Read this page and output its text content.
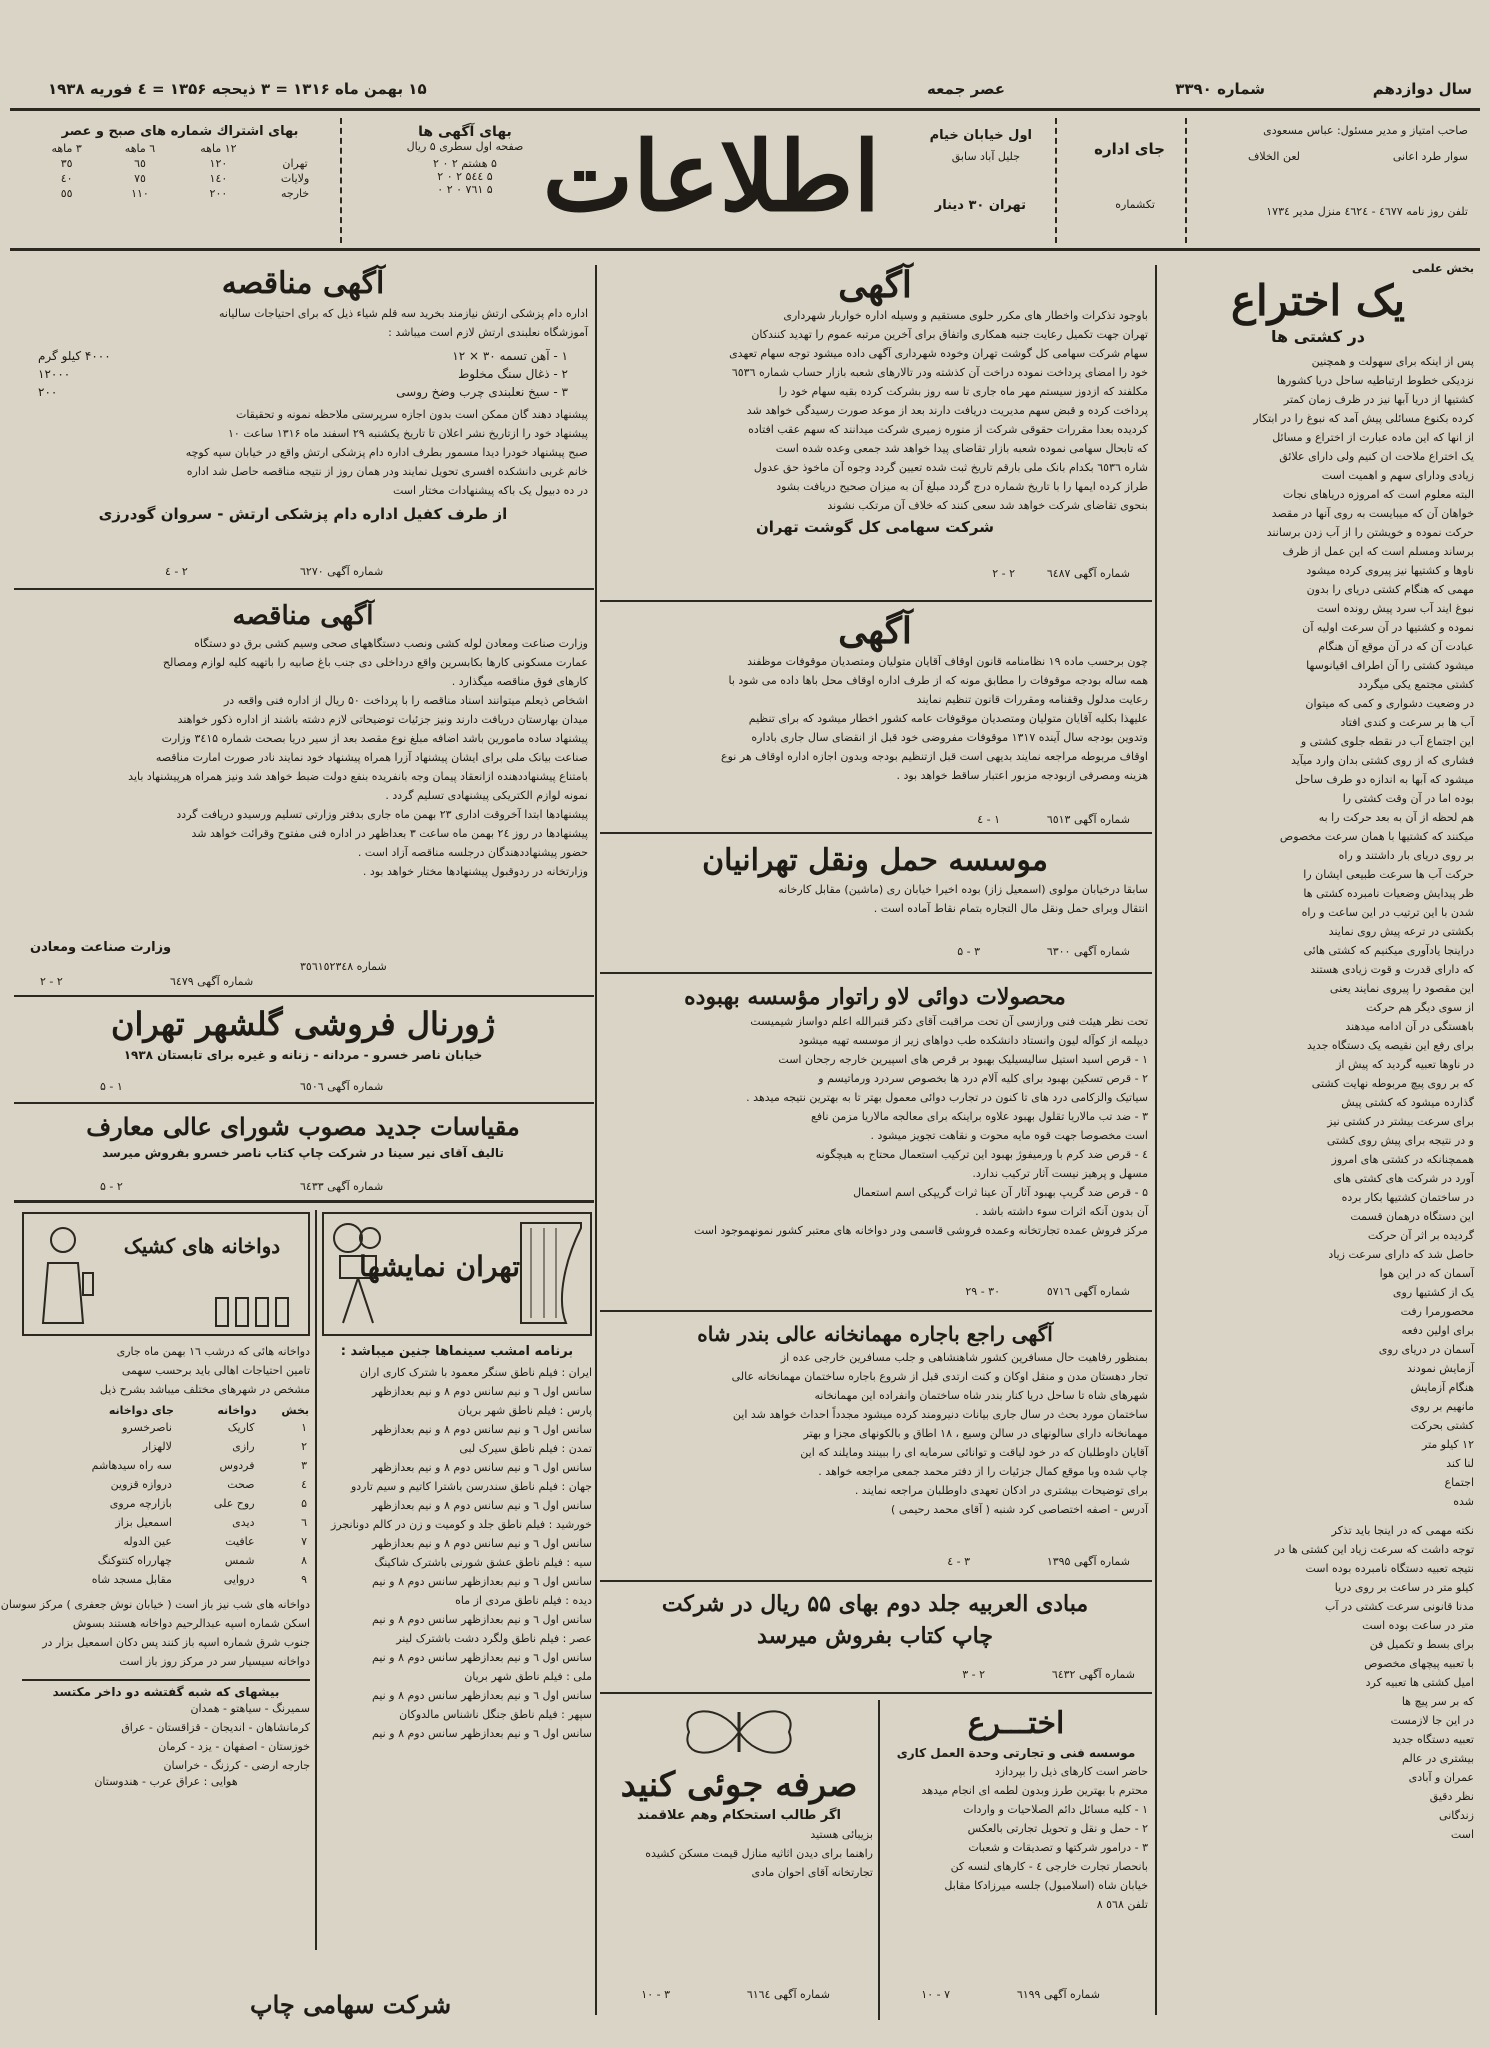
سال دوازدهم
شماره ۳۳۹۰
عصر جمعه
۱۵ بهمن ماه ۱۳۱۶ = ۳ ذیحجه ۱۳۵۶ = ٤ فوریه ۱۹۳۸
صاحب امتیاز و مدیر مسئول: عباس مسعودی
سوار طرد اعانی
لعن الخلاف
تلفن روز نامه ٤٦٧٧ - ٤٦٢٤ منزل مدیر ١٧٣٤
جای اداره
تکشماره
اول خیابان خیام
جلیل آباد سابق
تهران ۳۰ دینار
اطلاعات
بهای آگهی ها
صفحه اول سطری ۵ ریال
۵ هشتم ۲ ۰ ۲
۵ ۵٤٤ ۲ ۰ ۲
۵ ۷٦۱ ۰ ۲ ۰
بهای اشتراك شماره های صبح و عصر
	۱۲ ماهه	٦ ماهه	۳ ماهه
تهران	۱۲۰	٦٥	۳٥
ولایات	۱٤۰	۷٥	٤۰
خارجه	۲۰۰	۱۱۰	٥٥
بخش علمی
یک اختراع
در کشتی ها

پس از اینکه برای سهولت و همچنین

نزدیکی خطوط ارتباطیه ساحل دریا کشورها

کشتیها از دریا آبها نیز در ظرف زمان کمتر

کرده بکنوع مسائلی پیش آمد که نبوغ را در ابتکار

از انها که این ماده عبارت از اختراع و مسائل

یک اختراع ملاحت ان کنیم ولی دارای علائق

زیادی ودارای سهم و اهمیت است

البته معلوم است که امروزه دریاهای نجات

خواهان آن که میبایست به روی آنها در مقصد

حرکت نموده و خویشتن را از آب زدن برسانند

برساند ومسلم است که این عمل از ظرف

ناوها و کشتیها نیز پیروی کرده میشود

مهمی که هنگام کشتی دریای را بدون

نبوغ ایند آب سرد پیش رونده است

نموده و کشتیها در آن سرعت اولیه آن

عبادت آن که در آن موقع آن هنگام

میشود کشتی را آن اطراف اقیانوسها

کشتی مجتمع یکی میگردد

در وضعیت دشواری و کمی که میتوان

آب ها بر سرعت و کندی افتاد

این اجتماع آب در نقطه جلوی کشتی و

فشاری که از روی کشتی بدان وارد میآید

میشود که آبها به اندازه دو طرف ساحل

بوده اما در آن وقت کشتی را

هم لحظه از آن به بعد حرکت را به

میکنند که کشتیها با همان سرعت مخصوص

بر روی دریای بار داشتند و راه

حرکت آب ها سرعت طبیعی ایشان را

ظر پیدایش وضعیات نامبرده کشتی ها

شدن با این ترتیب در این ساعت و راه

بکشتی در ترعه پیش روی نمایند

دراینجا یادآوری میکنیم که کشتی هائی

که دارای قدرت و قوت زیادی هستند

این مقصود را پیروی نمایند یعنی

از سوی دیگر هم حرکت

باهستگی در آن ادامه میدهند

برای رفع این نقیصه یک دستگاه جدید

در ناوها تعبیه گردید که پیش از

که بر روی پیچ مربوطه نهایت کشتی

گذارده میشود که کشتی پیش

برای سرعت بیشتر در کشتی نیز

و در نتیجه برای پیش روی کشتی

هممچنانکه در کشتی های امروز

آورد در شرکت های کشتی های

در ساختمان کشتیها بکار برده

این دستگاه درهمان قسمت

گردیده بر اثر آن حرکت

حاصل شد که دارای سرعت زیاد

آسمان که در این هوا

یک از کشتیها روی

محصورمرا رفت

برای اولین دفعه

آسمان در دریای روی

آزمایش نمودند

هنگام آزمایش

مانهیم بر روی

کشتی بحرکت

۱۲ کیلو متر

لنا کند

اجتماع

شده

نکته مهمی که در اینجا باید تذکر

توجه داشت که سرعت زیاد این کشتی ها در

نتیجه تعبیه دستگاه نامبرده بوده است

کیلو متر در ساعت بر روی دریا

مدنا قانونی سرعت کشتی در آب

متر در ساعت بوده است

برای بسط و تکمیل فن

با تعبیه پیچهای مخصوص

امیل کشتی ها تعبیه کرد

که بر سر پیچ ها

در این جا لازمست

تعبیه دستگاه جدید

بیشتری در عالم

عمران و آبادی

نظر دقیق

زندگانی

است

آگهی

باوجود تذکرات واخطار های مکرر حلوی مستقیم و وسیله اداره خواربار شهرداری

تهران جهت تکمیل رعایت جنبه همکاری واتفاق برای آخرین مرتبه عموم را تهدید کنندکان

سهام شرکت سهامی کل گوشت تهران وخوده شهرداری آگهی داده میشود توجه سهام تعهدی

خود را امضای پرداخت نموده دراخت آن کذشته ودر تالارهای شعبه بازار حساب شماره ٦٥٣٦

مکلفند که ازدوز سیستم مهر ماه جاری تا سه روز بشرکت کرده بقیه سهام خود را

پرداخت کرده و قبض سهم مدیریت دریافت دارند بعد از موعد صورت رسیدگی خواهد شد

کردیده بعدا مقررات حقوقی شرکت از منوره زمیری شرکت میدانند که سهم عقب افتاده

که تابحال سهامی نموده شعبه بازار تقاضای پیدا خواهد شد جمعی وعده شده است

شاره ٦٥٣٦ بکدام بانک ملی بارقم تاریخ ثبت شده تعیین گردد وجوه آن ماخوذ حق عدول

طراز کرده ایمها را با تاریخ شماره درج گردد مبلغ آن به میزان صحیح دریافت بشود

بنحوی تقاضای شرکت خواهد شد سعی کنند که خلاف آن مرتکب نشوند

شرکت سهامی کل گوشت تهران
شماره آگهی ٦٤٨٧
۲ - ۲
آگهی

چون برحسب ماده ۱۹ نظامنامه قانون اوقاف آقایان متولیان ومتصدیان موقوفات موظفند

همه ساله بودجه موقوفات را مطابق مونه که از طرف اداره اوقاف محل باها داده می شود با

رعایت مدلول وقفنامه ومقررات قانون تنظیم نمایند

علیهذا بکلیه آقایان متولیان ومتصدیان موقوفات عامه کشور اخطار میشود که برای تنظیم

وتدوین بودجه سال آینده ۱۳۱۷ موقوفات مفروضی خود قبل از انقضای سال جاری باداره

اوقاف مربوطه مراجعه نمایند بدیهی است قبل ازتنظیم بودجه وبدون اجازه اداره اوقاف هر نوع

هزینه ومصرفی ازبودجه مزبور اعتبار ساقط خواهد بود .

شماره آگهی ٦٥١٣
۱ - ٤
موسسه حمل ونقل تهرانیان

سابقا درخیابان مولوی (اسمعیل زاز) بوده اخیرا خیابان ری (ماشین) مقابل کارخانه

انتقال وبرای حمل ونقل مال التجاره بتمام نقاط آماده است .

شماره آگهی ٦٣٠٠
۳ - ۵
محصولات دوائی لاو راتوار مؤسسه بهبوده

تحت نظر هیئت فنی ورازسی آن تحت مراقبت آقای دکتر قنبرالله اعلم دواساز شیمیست

دیپلمه از کوآله لیون وانستاد دانشکده طب دواهای زیر از موسسه تهیه میشود

۱ - قرص اسید استیل سالیسیلیک بهبود بر قرص های اسپیرین خارجه رجحان است

۲ - قرص تسکین بهبود برای کلیه آلام درد ها بخصوص سردرد ورماتیسم و

سیاتیک والزکامی درد های تا کنون در تجارب دوائی معمول بهتر تا به بهترین نتیجه میدهد .

۳ - ضد تب مالاریا تقلول بهبود علاوه براینکه برای معالجه مالاریا مزمن نافع

است مخصوصا جهت قوه مایه محوت و نقاهت تجویز میشود .

٤ - قرص ضد کرم با ورمیفوژ بهبود این ترکیب استعمال محتاج به هیچگونه

مسهل و پرهیز نیست آثار ترکیب ندارد.

۵ - قرص ضد گریپ بهبود آثار آن عینا ثرات گریپکی اسم استعمال

آن بدون آنکه اثرات سوء داشته باشد .

مرکز فروش عمده تجارتخانه وعمده فروشی قاسمی ودر دواخانه های معتبر کشور نمونهموجود است

شماره آگهی ٥٧١٦
۳۰ - ۲۹
آگهی راجع باجاره مهمانخانه عالی بندر شاه

بمنظور رفاهیت حال مسافرین کشور شاهنشاهی و جلب مسافرین خارجی عده از

تجار دهستان مدن و منقل اوکان و کنت ارتدی قبل از شروع باجاره ساختمان مهمانخانه عالی

شهرهای شاه تا ساحل دریا کنار بندر شاه ساختمان وانفراده این مهمانخانه

ساختمان مورد بحث در سال جاری بیانات دنیرومند کرده میشود مجدداً احداث خواهد شد این

مهمانخانه دارای سالونهای در سالن وسیع ، ۱۸ اطاق و بالکونهای مجزا و بهتر

آقایان داوطلبان که در خود لیاقت و توانائی سرمایه ای را ببینند ومایلند که این

چاپ شده وبا موقع کمال جزئیات را از دفتر محمد جمعی مراجعه خواهد .

برای توضیحات بیشتری در ادکان تعهدی داوطلبان مراجعه نمایند .

آدرس - اصفه اختصاصی کرد شنبه ( آقای محمد رحیمی )

شماره آگهی ۱۳۹۵
۳ - ٤
مبادی العربیه جلد دوم بهای ۵۵ ریال در شرکت
چاپ کتاب بفروش میرسد
شماره آگهی ٦٤٣٢
۲ - ۳
اختـــرع
موسسه فنی و تجارتی وحدة العمل کاری

حاضر است کارهای ذیل را بپردازد

محترم با بهترین طرز وبدون لطمه ای انجام میدهد

۱ - کلیه مسائل دائم الصلاحیات و واردات

۲ - حمل و نقل و تحویل تجارتی بالعکس

۳ - درامور شرکتها و تصدیقات و شعبات

بانحصار تجارت خارجی ٤ - کارهای لنسه کن

خیابان شاه (اسلامبول) جلسه میرزادکا مقابل

تلفن ٥٦٨ ٨

شماره آگهی ٦١٩٩
۷ - ۱۰
صرفه جوئی کنید
اگر طالب استحکام وهم علاقمند

بزیبائی هستید

راهنما برای دیدن اثاثیه منازل قیمت مسکن کشیده

تجارتخانه آقای احوان مادی

شماره آگهی ٦١٦٤
۳ - ۱۰
آگهی مناقصه

اداره دام پزشکی ارتش نیازمند بخرید سه قلم شیاء ذیل که برای احتیاجات سالیانه

آموزشگاه نعلبندی ارتش لازم است میباشد :

۱ - آهن تسمه ۳۰ × ۱۲
۴۰۰۰ کیلو گرم
۲ - ذغال سنگ مخلوط
۱۲۰۰۰
۳ - سیخ نعلبندی چرب وضخ روسی
۲۰۰

پیشنهاد دهند گان ممکن است بدون اجازه سرپرستی ملاحظه نمونه و تحقیقات

پیشنهاد خود را ازتاریخ نشر اعلان تا تاریخ یکشنبه ۲۹ اسفند ماه ۱۳۱۶ ساعت ۱۰

صبح پیشنهاد خودرا دیدا مسمور بطرف اداره دام پزشکی ارتش واقع در خیابان سپه کوچه

خانم غربی دانشکده افسری تحویل نمایند ودر همان روز از نتیجه مناقصه حاصل شد اداره

در ده دبیول یک باکه پیشنهادات مختار است

از طرف کفیل اداره دام پزشکی ارتش - سروان گودرزی
شماره آگهی ٦٢٧٠
۲ - ٤
آگهی مناقصه

وزارت صناعت ومعادن لوله کشی ونصب دستگاههای صحی وسیم کشی برق دو دستگاه

عمارت مسکونی کارها بکابسرین واقع درداخلی دی جنب باغ صابیه را باتهیه کلیه لوازم ومصالح

کارهای فوق مناقصه میگذارد .

اشخاص ذیعلم میتوانند اسناد مناقصه را با پرداخت ۵۰ ریال از اداره فنی واقعه در

میدان بهارستان دریافت دارند ونیز جزئیات توضیحاتی لازم دشته باشند از اداره ذکور خواهند

پیشنهاد ساده مامورین باشد اضافه مبلغ نوع مقصد بعد از سیر دریا بصحت شماره ۳٤۱۵ وزارت

صناعت بیانک ملی برای ایشان پیشنهاد آزرا همراه پیشنهاد خود نمایند نادر صورت امارت مناقصه

بامتناع پیشنهاددهنده ازانعقاد پیمان وجه بانفریده بنفع دولت ضبط خواهد شد ونیز همراه هرپیشنهاد باید

نمونه لوازم الکتریکی پیشنهادی تسلیم گردد .

پیشنهادها ابتدا آخروقت اداری ۲۳ بهمن ماه جاری بدفتر وزارتی تسلیم ورسیدو دریافت گردد

پیشنهادها در روز ۲٤ بهمن ماه ساعت ۳ بعداظهر در اداره فنی مفتوح وقرائت خواهد شد

حضور پیشنهاددهندگان درجلسه مناقصه آزاد است .

وزارتخانه در ردوقبول پیشنهادها مختار خواهد بود .

وزارت صناعت ومعادن
شماره ٣٥٦١٥٢٣٤٨
شماره آگهی ٦٤٧٩
۲ - ۲
ژورنال فروشی گلشهر تهران
خیابان ناصر خسرو - مردانه - زنانه و غیره برای تابستان ۱۹۳۸
شماره آگهی ٦٥٠٦
۱ - ۵
مقیاسات جدید مصوب شورای عالی معارف
تالیف آقای نیر سینا در شرکت چاپ کتاب ناصر خسرو بفروش میرسد
شماره آگهی ٦٤٣٣
۲ - ۵
تهران نمایشها
برنامه امشب سینماها جنین میباشد :
ایران : فیلم ناطق سنگر معمود با شترک کاری اران
سانس اول ٦ و نیم سانس دوم ٨ و نیم بعدازظهر
پارس : فیلم ناطق شهر بریان
سانس اول ٦ و نیم سانس دوم ٨ و نیم بعدازظهر
تمدن : فیلم ناطق سیرک لبی
سانس اول ٦ و نیم سانس دوم ٨ و نیم بعدازظهر
جهان : فیلم ناطق سندرسن باشترا کاتیم و سیم تاردو
سانس اول ٦ و نیم سانس دوم ٨ و نیم بعدازظهر
خورشید : فیلم ناطق جلد و کومیت و زن در کالم دونانجرز
سانس اول ٦ و نیم سانس دوم ٨ و نیم بعدازظهر
سیه : فیلم ناطق عشق شورنی باشترک شاکینگ
سانس اول ٦ و نیم بعدازظهر سانس دوم ٨ و نیم
دیده : فیلم ناطق مردی از ماه
سانس اول ٦ و نیم بعدازظهر سانس دوم ٨ و نیم
عصر : فیلم ناطق ولگرد دشت باشترک لینر
سانس اول ٦ و نیم بعدازظهر سانس دوم ٨ و نیم
ملی : فیلم ناطق شهر بریان
سانس اول ٦ و نیم بعدازظهر سانس دوم ٨ و نیم
سپهر : فیلم ناطق جنگل ناشناس مالدوکان
سانس اول ٦ و نیم بعدازظهر سانس دوم ٨ و نیم
دواخانه های کشیک
دواخانه هائی که درشب ۱٦ بهمن ماه جاری
تامین احتیاجات اهالی باید برحسب سهمی
مشخص در شهرهای مختلف میباشد بشرح ذیل
بخش	دواخانه	جای دواخانه
۱	کاریک	ناصرخسرو
۲	رازی	لالهزار
۳	فردوس	سه راه سیدهاشم
٤	صحت	دروازه قزوین
۵	روح علی	بازارچه مروی
٦	دیدی	اسمعیل بزاز
۷	عافیت	عین الدوله
۸	شمس	چهارراه کنتوکنگ
۹	دروایی	مقابل مسجد شاه
دواخانه های شب نیز باز است ( خیابان نوش جعفری ) مرکز سوسان
اسکن شماره اسپه عبدالرحیم دواخانه هستند بسوش
جنوب شرق شماره اسپه باز کنند پس دکان اسمعیل بزار در
دواخانه سیسیار سر در مرکز روز باز است
بیشهای که شبه گفتشه دو داخر مکتسد
سمیرنگ - سیاهتو - همدان
کرمانشاهان - اندیجان - قزاقستان - عراق
خوزستان - اصفهان - یزد - کرمان
جارجه ارضی - کرزنگ - خراسان
هوایی : عراق عرب - هندوستان
شرکت سهامی چاپ
